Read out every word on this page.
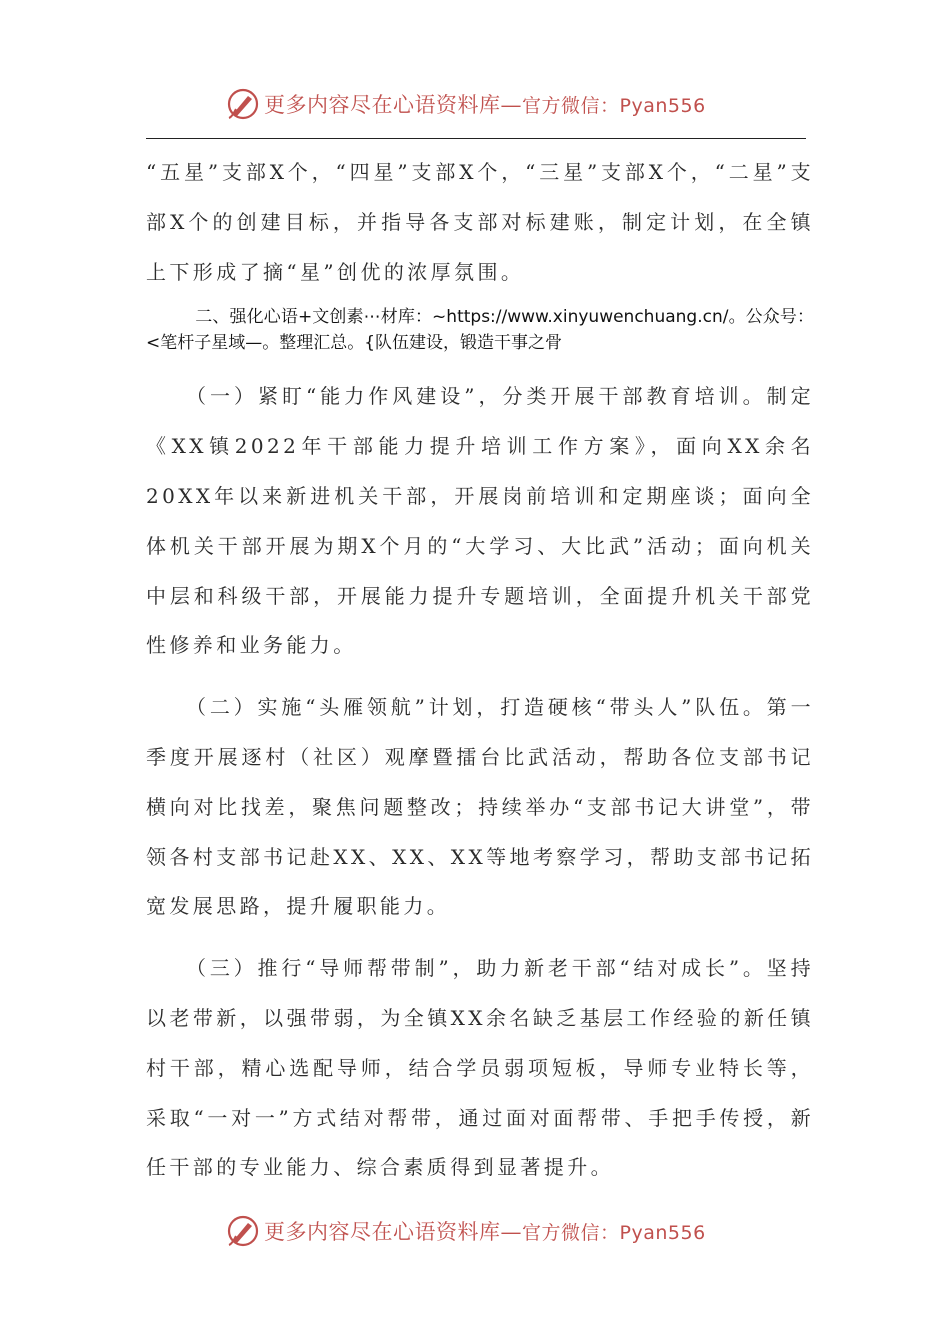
更多内容尽在心语资料库—官方微信：Pyan556

“五星”支部X个，“四星”支部X个，“三星”支部X个，“二星”支部X个的创建目标，并指导各支部对标建账，制定计划，在全镇上下形成了摘“星”创优的浓厚氛围。

二、强化心语+文创素⋯材库：~https://www.xinyuwenchuang.cn/。公众号：<笔杆子星域—。整理汇总。{队伍建设，锻造干事之骨

（一）紧盯“能力作风建设”，分类开展干部教育培训。制定《XX镇2022年干部能力提升培训工作方案》，面向XX余名20XX年以来新进机关干部，开展岗前培训和定期座谈；面向全体机关干部开展为期X个月的“大学习、大比武”活动；面向机关中层和科级干部，开展能力提升专题培训，全面提升机关干部党性修养和业务能力。

（二）实施“头雁领航”计划，打造硬核“带头人”队伍。第一季度开展逐村（社区）观摩暨擂台比武活动，帮助各位支部书记横向对比找差，聚焦问题整改；持续举办“支部书记大讲堂”，带领各村支部书记赴XX、XX、XX等地考察学习，帮助支部书记拓宽发展思路，提升履职能力。

（三）推行“导师帮带制”，助力新老干部“结对成长”。坚持以老带新，以强带弱，为全镇XX余名缺乏基层工作经验的新任镇村干部，精心选配导师，结合学员弱项短板，导师专业特长等，采取“一对一”方式结对帮带，通过面对面帮带、手把手传授，新任干部的专业能力、综合素质得到显著提升。

更多内容尽在心语资料库—官方微信：Pyan556
